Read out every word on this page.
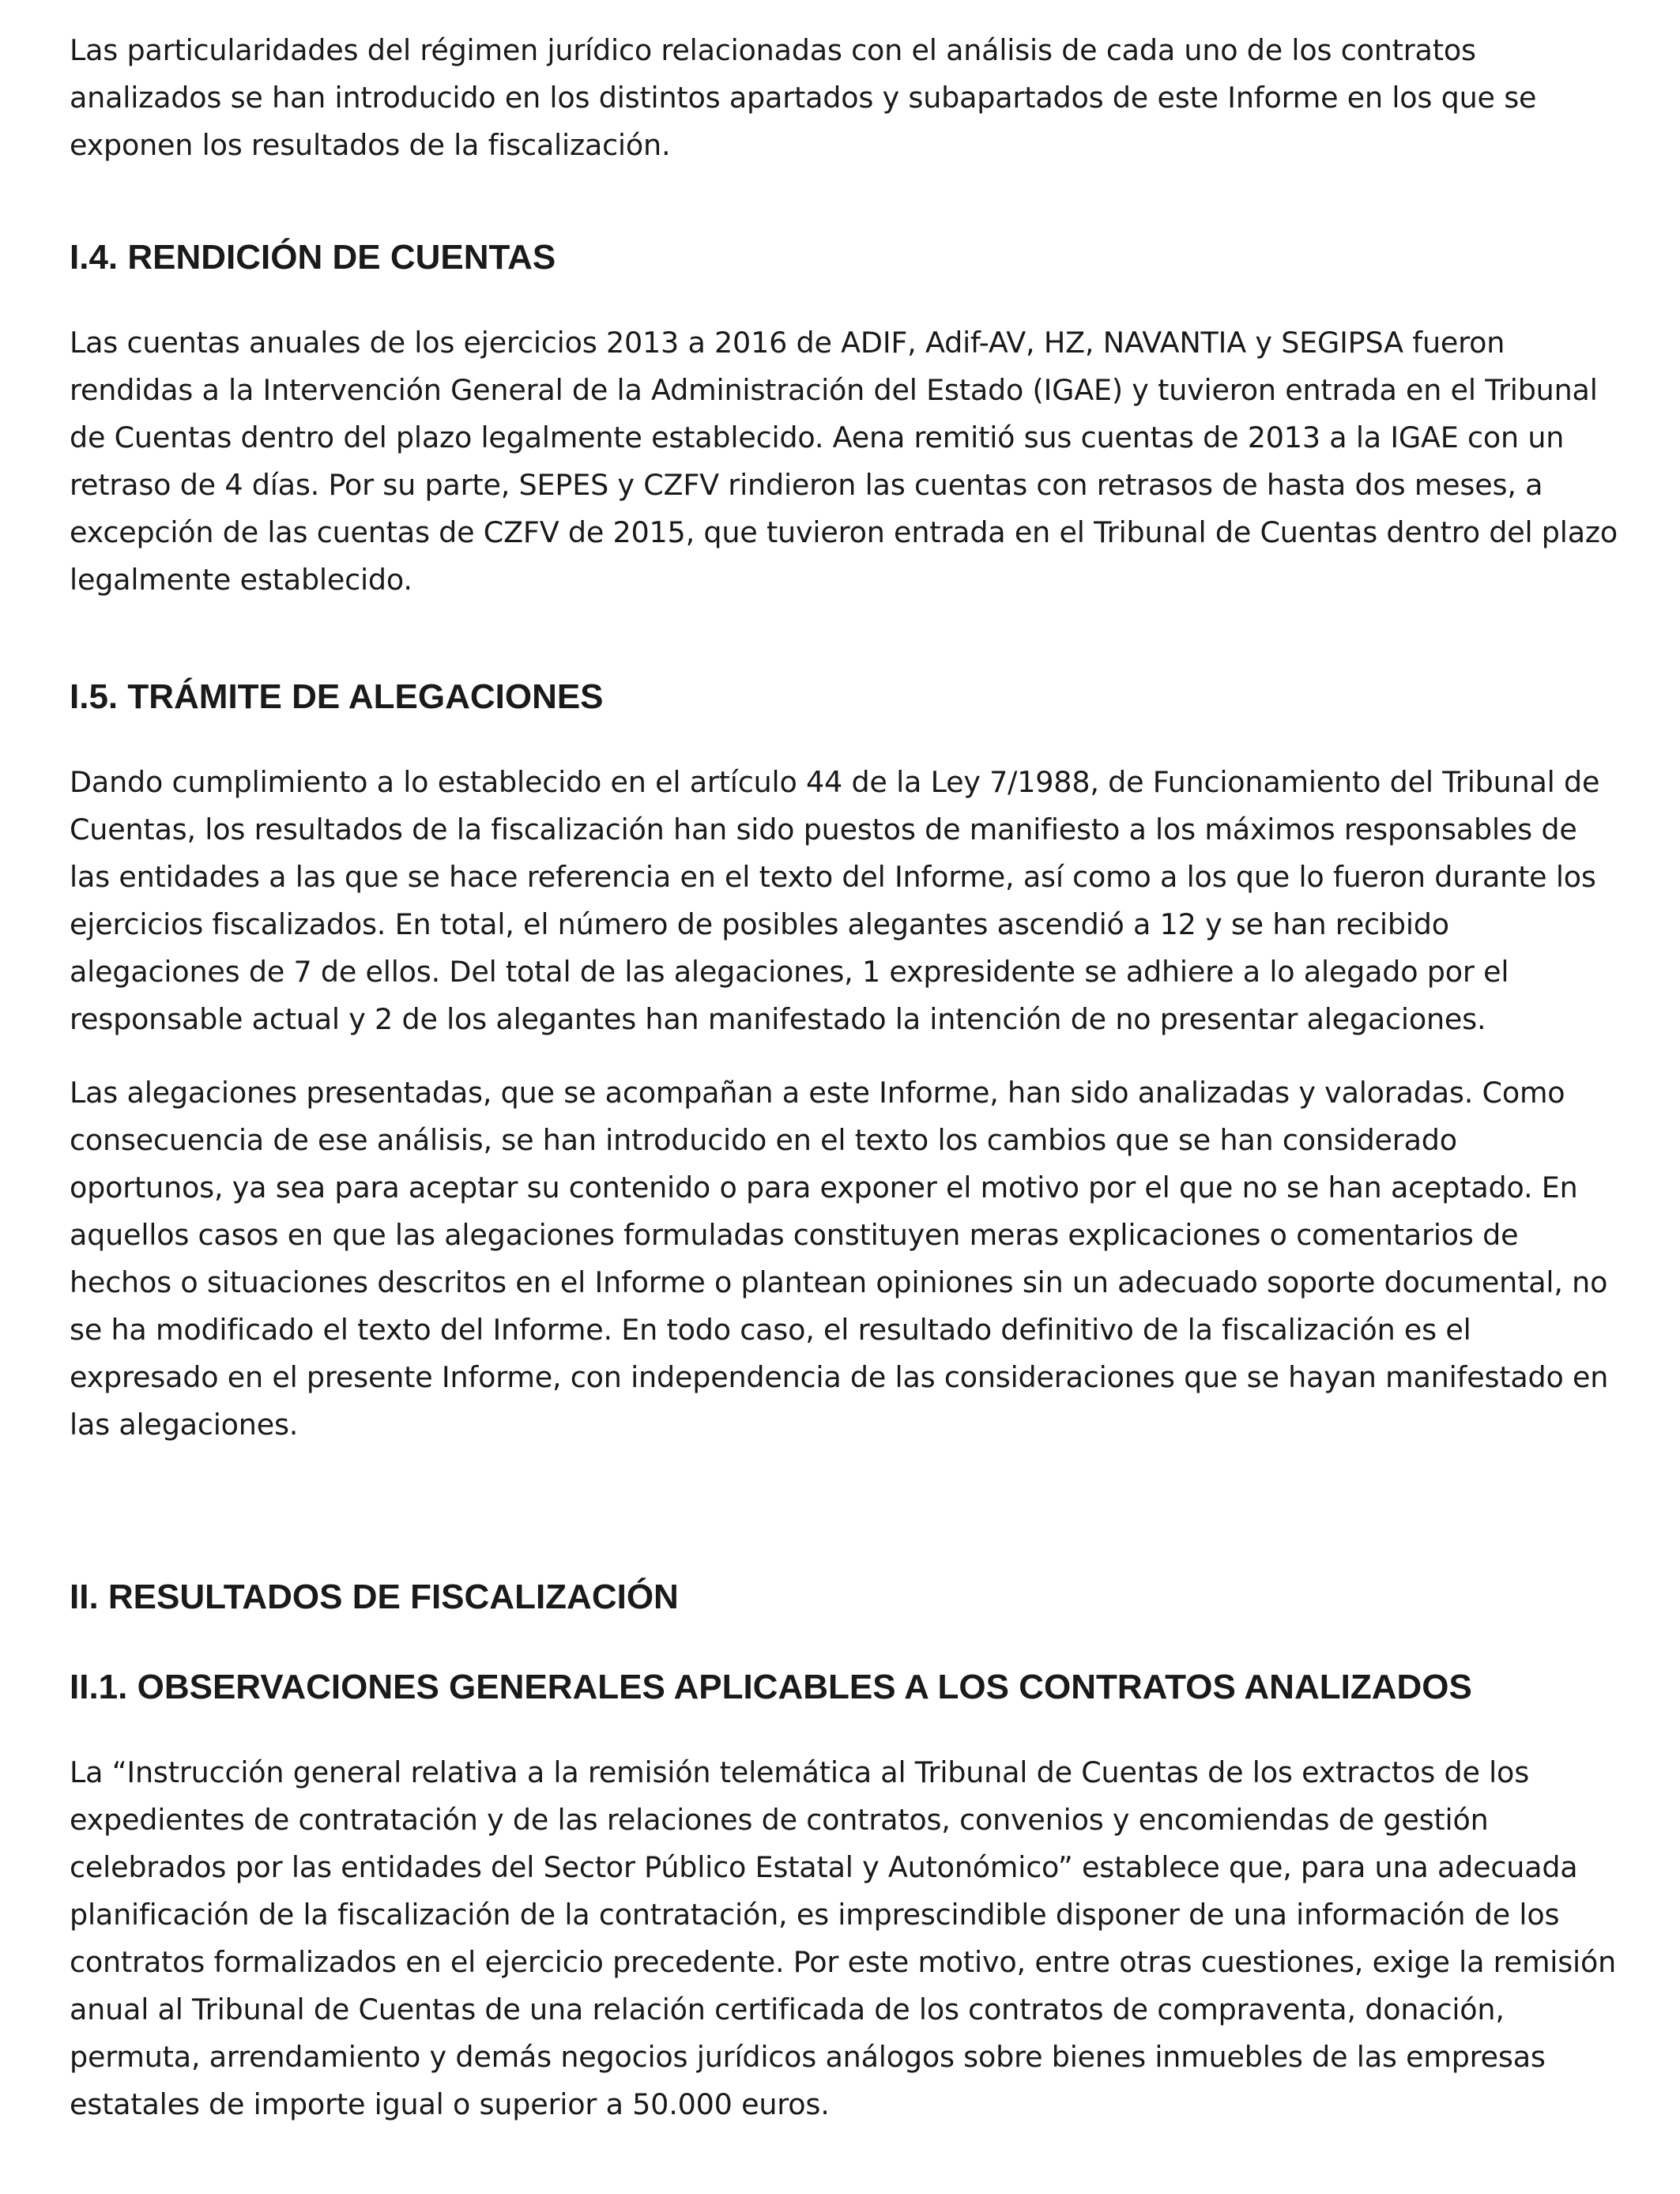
Las particularidades del régimen jurídico relacionadas con el análisis de cada uno de los contratos analizados se han introducido en los distintos apartados y subapartados de este Informe en los que se exponen los resultados de la fiscalización.

I.4. RENDICIÓN DE CUENTAS

Las cuentas anuales de los ejercicios 2013 a 2016 de ADIF, Adif-AV, HZ, NAVANTIA y SEGIPSA fueron rendidas a la Intervención General de la Administración del Estado (IGAE) y tuvieron entrada en el Tribunal de Cuentas dentro del plazo legalmente establecido. Aena remitió sus cuentas de 2013 a la IGAE con un retraso de 4 días. Por su parte, SEPES y CZFV rindieron las cuentas con retrasos de hasta dos meses, a excepción de las cuentas de CZFV de 2015, que tuvieron entrada en el Tribunal de Cuentas dentro del plazo legalmente establecido.

I.5. TRÁMITE DE ALEGACIONES

Dando cumplimiento a lo establecido en el artículo 44 de la Ley 7/1988, de Funcionamiento del Tribunal de Cuentas, los resultados de la fiscalización han sido puestos de manifiesto a los máximos responsables de las entidades a las que se hace referencia en el texto del Informe, así como a los que lo fueron durante los ejercicios fiscalizados. En total, el número de posibles alegantes ascendió a 12 y se han recibido alegaciones de 7 de ellos. Del total de las alegaciones, 1 expresidente se adhiere a lo alegado por el responsable actual y 2 de los alegantes han manifestado la intención de no presentar alegaciones.

Las alegaciones presentadas, que se acompañan a este Informe, han sido analizadas y valoradas. Como consecuencia de ese análisis, se han introducido en el texto los cambios que se han considerado oportunos, ya sea para aceptar su contenido o para exponer el motivo por el que no se han aceptado. En aquellos casos en que las alegaciones formuladas constituyen meras explicaciones o comentarios de hechos o situaciones descritos en el Informe o plantean opiniones sin un adecuado soporte documental, no se ha modificado el texto del Informe. En todo caso, el resultado definitivo de la fiscalización es el expresado en el presente Informe, con independencia de las consideraciones que se hayan manifestado en las alegaciones.

II. RESULTADOS DE FISCALIZACIÓN
II.1. OBSERVACIONES GENERALES APLICABLES A LOS CONTRATOS ANALIZADOS

La “Instrucción general relativa a la remisión telemática al Tribunal de Cuentas de los extractos de los expedientes de contratación y de las relaciones de contratos, convenios y encomiendas de gestión celebrados por las entidades del Sector Público Estatal y Autonómico” establece que, para una adecuada planificación de la fiscalización de la contratación, es imprescindible disponer de una información de los contratos formalizados en el ejercicio precedente. Por este motivo, entre otras cuestiones, exige la remisión anual al Tribunal de Cuentas de una relación certificada de los contratos de compraventa, donación, permuta, arrendamiento y demás negocios jurídicos análogos sobre bienes inmuebles de las empresas estatales de importe igual o superior a 50.000 euros.
